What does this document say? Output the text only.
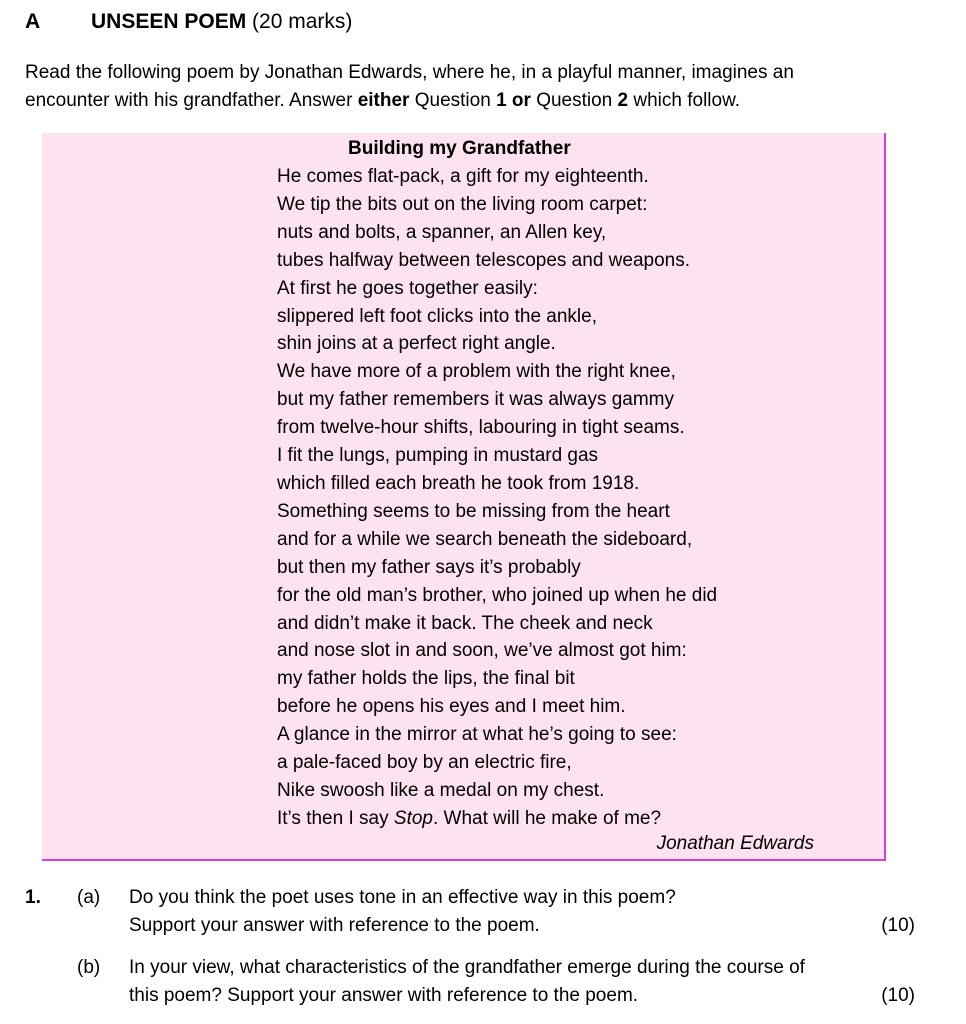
A UNSEEN POEM (20 marks)

Read the following poem by Jonathan Edwards, where he, in a playful manner, imagines an

encounter with his grandfather. Answer either Question 1 or Question 2 which follow.

Building my Grandfather
He comes flat-pack, a gift for my eighteenth.
We tip the bits out on the living room carpet:
nuts and bolts, a spanner, an Allen key,
tubes halfway between telescopes and weapons.
At first he goes together easily:
slippered left foot clicks into the ankle,
shin joins at a perfect right angle.
We have more of a problem with the right knee,
but my father remembers it was always gammy
from twelve-hour shifts, labouring in tight seams.
I fit the lungs, pumping in mustard gas
which filled each breath he took from 1918.
Something seems to be missing from the heart
and for a while we search beneath the sideboard,
but then my father says it’s probably
for the old man’s brother, who joined up when he did
and didn’t make it back. The cheek and neck
and nose slot in and soon, we’ve almost got him:
my father holds the lips, the final bit
before he opens his eyes and I meet him.
A glance in the mirror at what he’s going to see:
a pale-faced boy by an electric fire,
Nike swoosh like a medal on my chest.
It’s then I say Stop. What will he make of me?
Jonathan Edwards
1. (a) Do you think the poet uses tone in an effective way in this poem?

Support your answer with reference to the poem.	(10)
(b) In your view, what characteristics of the grandfather emerge during the course of

this poem? Support your answer with reference to the poem.	(10)
